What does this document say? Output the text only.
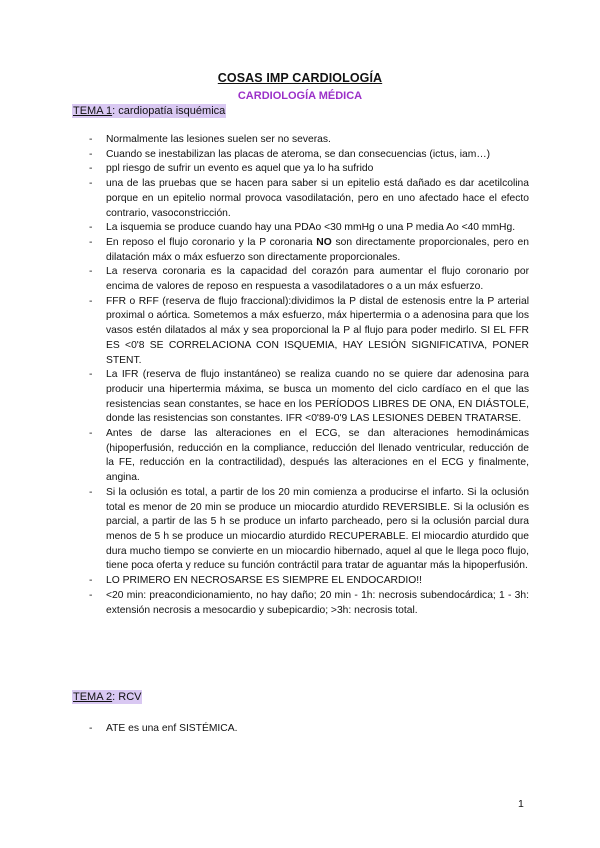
COSAS IMP CARDIOLOGÍA
CARDIOLOGÍA MÉDICA
TEMA 1: cardiopatía isquémica
- Normalmente las lesiones suelen ser no severas.
- Cuando se inestabilizan las placas de ateroma, se dan consecuencias (ictus, iam…)
- ppl riesgo de sufrir un evento es aquel que ya lo ha sufrido
- una de las pruebas que se hacen para saber si un epitelio está dañado es dar acetilcolina porque en un epitelio normal provoca vasodilatación, pero en uno afectado hace el efecto contrario, vasoconstricción.
- La isquemia se produce cuando hay una PDAo <30 mmHg o una P media Ao <40 mmHg.
- En reposo el flujo coronario y la P coronaria NO son directamente proporcionales, pero en dilatación máx o máx esfuerzo son directamente proporcionales.
- La reserva coronaria es la capacidad del corazón para aumentar el flujo coronario por encima de valores de reposo en respuesta a vasodilatadores o a un máx esfuerzo.
- FFR o RFF (reserva de flujo fraccional):dividimos la P distal de estenosis entre la P arterial proximal o aórtica. Sometemos a máx esfuerzo, máx hipertermia o a adenosina para que los vasos estén dilatados al máx y sea proporcional la P al flujo para poder medirlo. SI EL FFR ES <0'8 SE CORRELACIONA CON ISQUEMIA, HAY LESIÓN SIGNIFICATIVA, PONER STENT.
- La IFR (reserva de flujo instantáneo) se realiza cuando no se quiere dar adenosina para producir una hipertermia máxima, se busca un momento del ciclo cardíaco en el que las resistencias sean constantes, se hace en los PERÍODOS LIBRES DE ONA, EN DIÁSTOLE, donde las resistencias son constantes. IFR <0'89-0'9 LAS LESIONES DEBEN TRATARSE.
- Antes de darse las alteraciones en el ECG, se dan alteraciones hemodinámicas (hipoperfusión, reducción en la compliance, reducción del llenado ventricular, reducción de la FE, reducción en la contractilidad), después las alteraciones en el ECG y finalmente, angina.
- Si la oclusión es total, a partir de los 20 min comienza a producirse el infarto. Si la oclusión total es menor de 20 min se produce un miocardio aturdido REVERSIBLE. Si la oclusión es parcial, a partir de las 5 h se produce un infarto parcheado, pero si la oclusión parcial dura menos de 5 h se produce un miocardio aturdido RECUPERABLE. El miocardio aturdido que dura mucho tiempo se convierte en un miocardio hibernado, aquel al que le llega poco flujo, tiene poca oferta y reduce su función contráctil para tratar de aguantar más la hipoperfusión.
- LO PRIMERO EN NECROSARSE ES SIEMPRE EL ENDOCARDIO!!
- <20 min: preacondicionamiento, no hay daño; 20 min - 1h: necrosis subendocárdica; 1 - 3h: extensión necrosis a mesocardio y subepicardio; >3h: necrosis total.
TEMA 2: RCV
- ATE es una enf SISTÉMICA.
1
